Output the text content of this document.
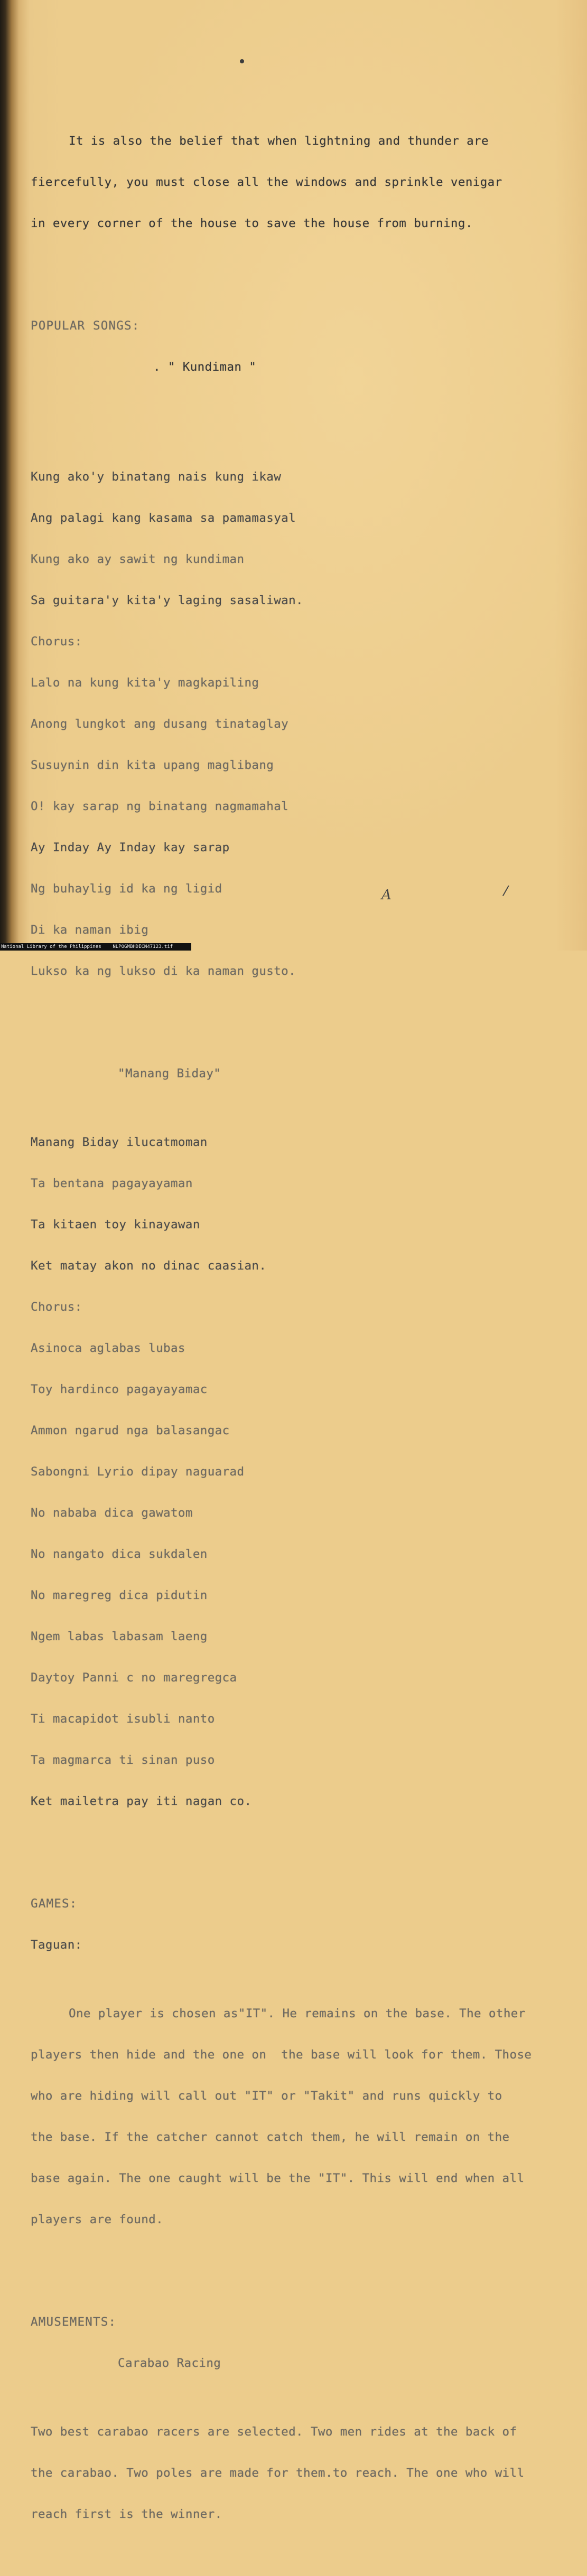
It is also the belief that when lightning and thunder are

fiercefully, you must close all the windows and sprinkle venigar

in every corner of the house to save the house from burning.

POPULAR SONGS:

. " Kundiman "

Kung ako'y binatang nais kung ikaw

Ang palagi kang kasama sa pamamasyal

Kung ako ay sawit ng kundiman

Sa guitara'y kita'y laging sasaliwan.

Chorus:

Lalo na kung kita'y magkapiling

Anong lungkot ang dusang tinataglay

Susuynin din kita upang maglibang

O! kay sarap ng binatang nagmamahal

Ay Inday Ay Inday kay sarap

Ng buhaylig id ka ng ligid

Di ka naman ibig

Lukso ka ng lukso di ka naman gusto.

"Manang Biday"

Manang Biday ilucatmoman

Ta bentana pagayayaman

Ta kitaen toy kinayawan

Ket matay akon no dinac caasian.

Chorus:

Asinoca aglabas lubas

Toy hardinco pagayayamac

Ammon ngarud nga balasangac

Sabongni Lyrio dipay naguarad

No nababa dica gawatom

No nangato dica sukdalen

No maregreg dica pidutin

Ngem labas labasam laeng

Daytoy Panni c no maregregca

Ti macapidot isubli nanto

Ta magmarca ti sinan puso

Ket mailetra pay iti nagan co.

GAMES:

Taguan:

One player is chosen as"IT". He remains on the base. The other

players then hide and the one on  the base will look for them. Those

who are hiding will call out "IT" or "Takit" and runs quickly to

the base. If the catcher cannot catch them, he will remain on the

base again. The one caught will be the "IT". This will end when all

players are found.

AMUSEMENTS:

Carabao Racing

Two best carabao racers are selected. Two men rides at the back of

the carabao. Two poles are made for them.to reach. The one who will

reach first is the winner.

A	/
National Library of the Philippines    NLPOGMBHDECN47123.tif
